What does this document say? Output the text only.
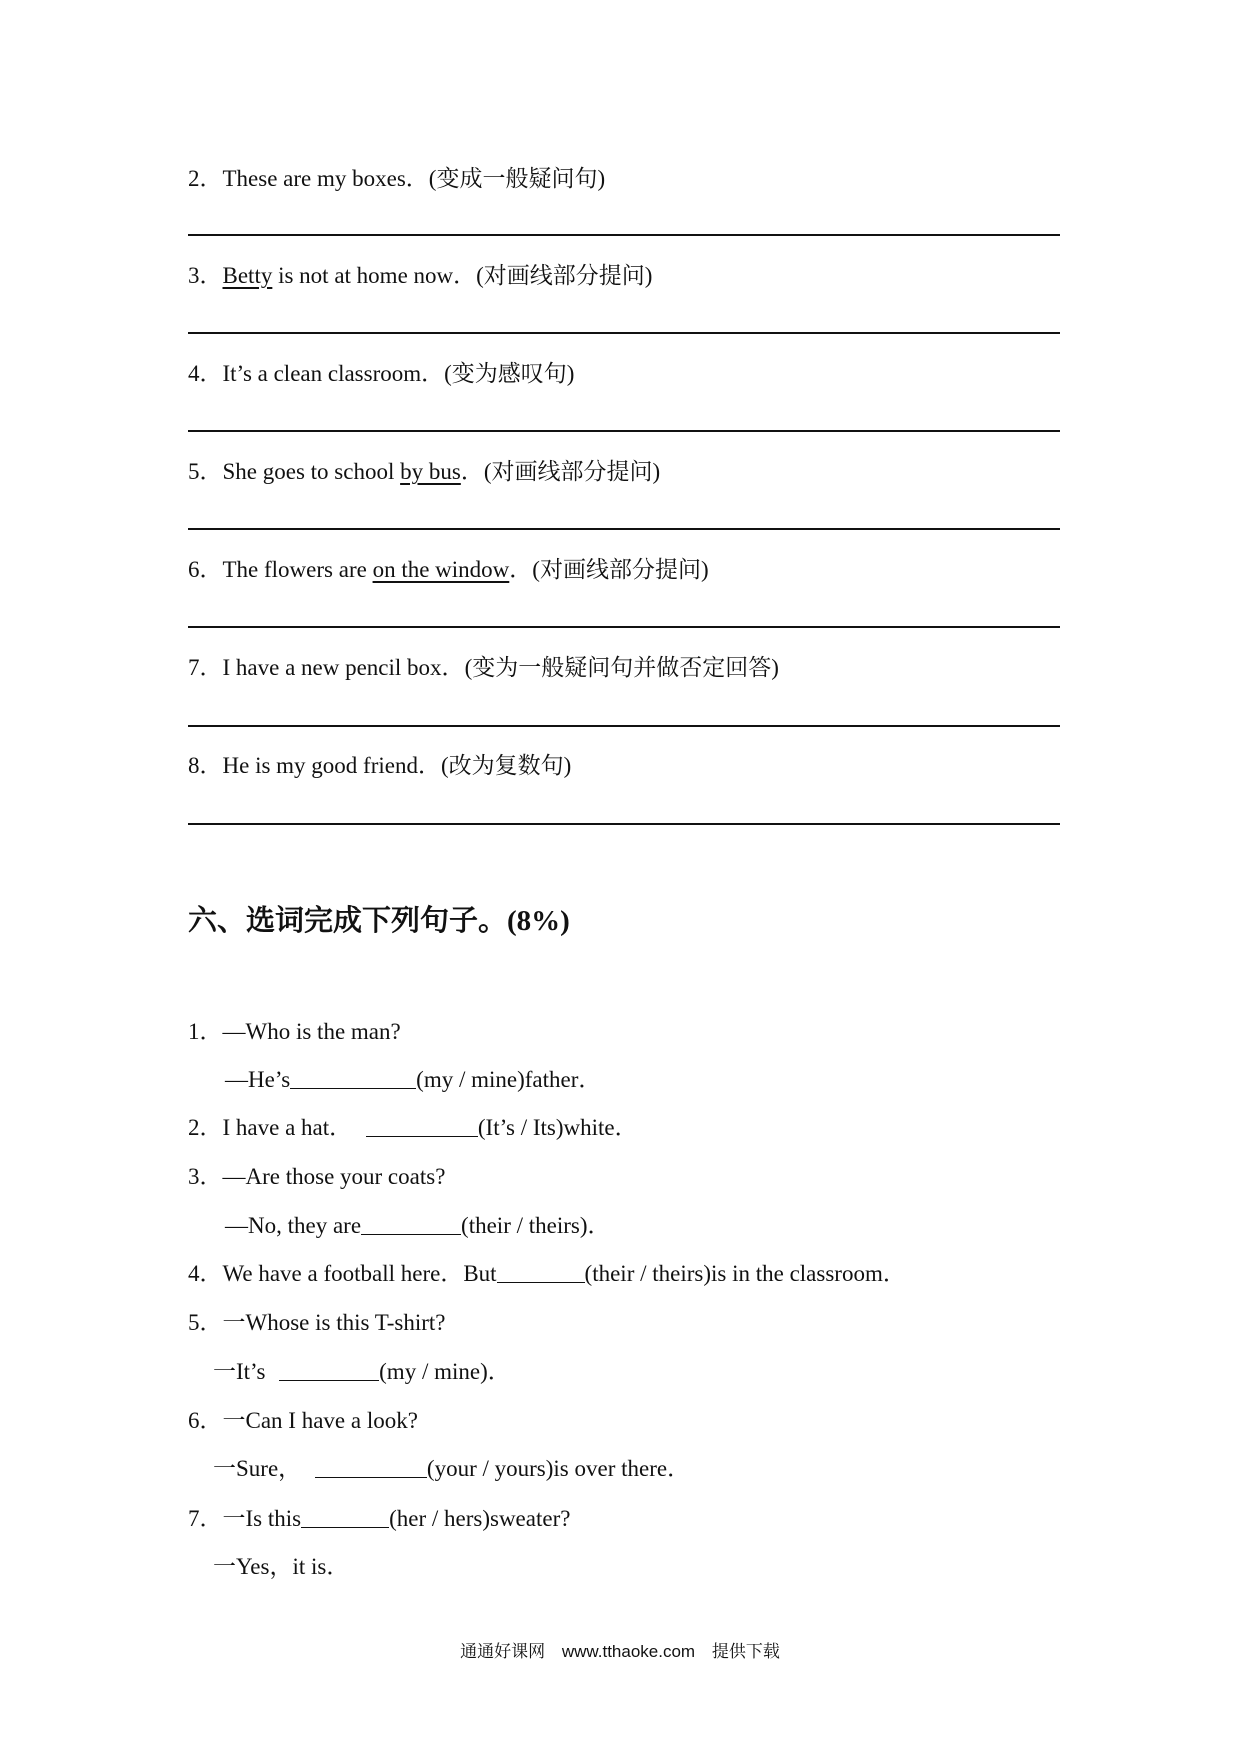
2．These are my boxes．(变成一般疑问句)
3．Betty is not at home now．(对画线部分提问)
4．It’s a clean classroom．(变为感叹句)
5．She goes to school by bus．(对画线部分提问)
6．The flowers are on the window．(对画线部分提问)
7．I have a new pencil box．(变为一般疑问句并做否定回答)
8．He is my good friend．(改为复数句)
六、选词完成下列句子。(8%)
1．—Who is the man?
—He’s	(my / mine)father．
2．I have a hat．	(It’s / Its)white．
3．—Are those your coats?
—No, they are	(their / theirs)．
4．We have a football here．But	(their / theirs)is in the classroom．
5．一Whose is this T-shirt?
一It’s	(my / mine)．
6．一Can I have a look?
一Sure，	(your / yours)is over there．
7．一Is this	(her / hers)sweater?
一Yes，it is．
通通好课网 www.tthaoke.com 提供下载
